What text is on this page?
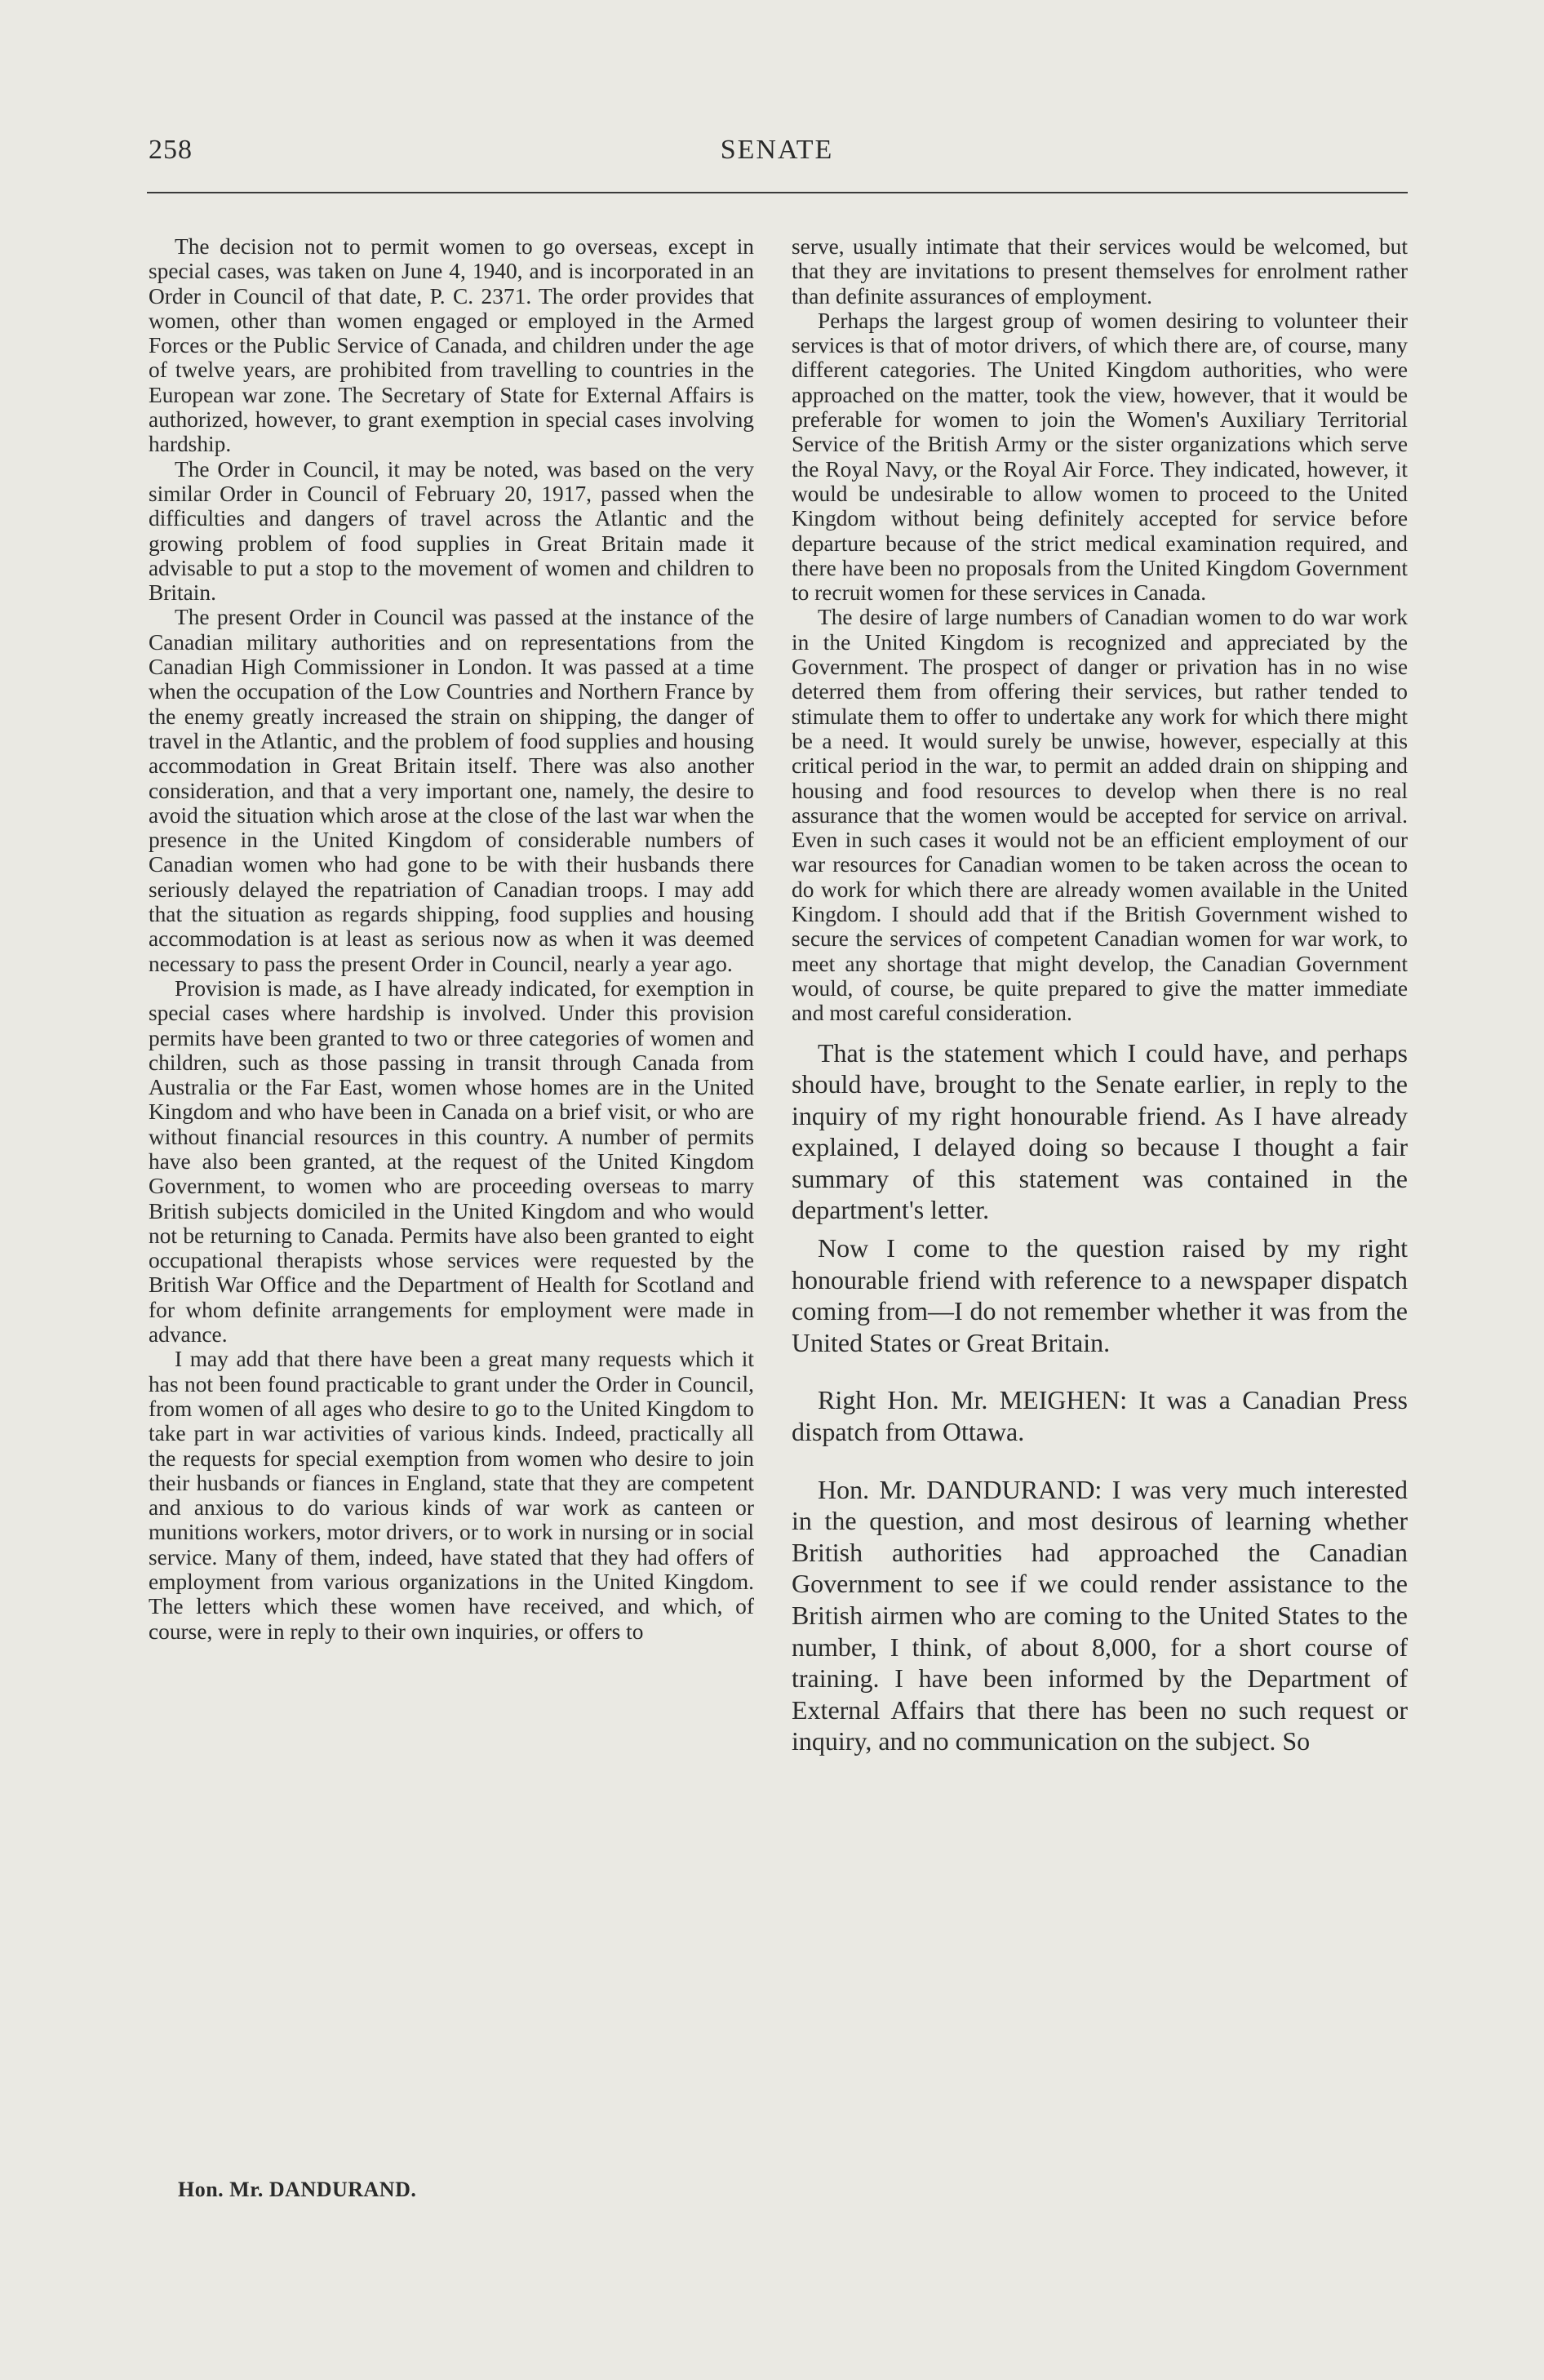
258	SENATE

The decision not to permit women to go overseas, except in special cases, was taken on June 4, 1940, and is incorporated in an Order in Council of that date, P. C. 2371. The order provides that women, other than women engaged or employed in the Armed Forces or the Public Service of Canada, and children under the age of twelve years, are prohibited from travelling to countries in the European war zone. The Secretary of State for External Affairs is authorized, however, to grant exemption in special cases involving hardship.

The Order in Council, it may be noted, was based on the very similar Order in Council of February 20, 1917, passed when the difficulties and dangers of travel across the Atlantic and the growing problem of food supplies in Great Britain made it advisable to put a stop to the movement of women and children to Britain.

The present Order in Council was passed at the instance of the Canadian military authorities and on representations from the Canadian High Commissioner in London. It was passed at a time when the occupation of the Low Countries and Northern France by the enemy greatly increased the strain on shipping, the danger of travel in the Atlantic, and the problem of food supplies and housing accommodation in Great Britain itself. There was also another consideration, and that a very important one, namely, the desire to avoid the situation which arose at the close of the last war when the presence in the United Kingdom of considerable numbers of Canadian women who had gone to be with their husbands there seriously delayed the repatriation of Canadian troops. I may add that the situation as regards shipping, food supplies and housing accommodation is at least as serious now as when it was deemed necessary to pass the present Order in Council, nearly a year ago.

Provision is made, as I have already indicated, for exemption in special cases where hardship is involved. Under this provision permits have been granted to two or three categories of women and children, such as those passing in transit through Canada from Australia or the Far East, women whose homes are in the United Kingdom and who have been in Canada on a brief visit, or who are without financial resources in this country. A number of permits have also been granted, at the request of the United Kingdom Government, to women who are proceeding overseas to marry British subjects domiciled in the United Kingdom and who would not be returning to Canada. Permits have also been granted to eight occupational therapists whose services were requested by the British War Office and the Department of Health for Scotland and for whom definite arrangements for employment were made in advance.

I may add that there have been a great many requests which it has not been found practicable to grant under the Order in Council, from women of all ages who desire to go to the United Kingdom to take part in war activities of various kinds. Indeed, practically all the requests for special exemption from women who desire to join their husbands or fiances in England, state that they are competent and anxious to do various kinds of war work as canteen or munitions workers, motor drivers, or to work in nursing or in social service. Many of them, indeed, have stated that they had offers of employment from various organizations in the United Kingdom. The letters which these women have received, and which, of course, were in reply to their own inquiries, or offers to

serve, usually intimate that their services would be welcomed, but that they are invitations to present themselves for enrolment rather than definite assurances of employment.

Perhaps the largest group of women desiring to volunteer their services is that of motor drivers, of which there are, of course, many different categories. The United Kingdom authorities, who were approached on the matter, took the view, however, that it would be preferable for women to join the Women's Auxiliary Territorial Service of the British Army or the sister organizations which serve the Royal Navy, or the Royal Air Force. They indicated, however, it would be undesirable to allow women to proceed to the United Kingdom without being definitely accepted for service before departure because of the strict medical examination required, and there have been no proposals from the United Kingdom Government to recruit women for these services in Canada.

The desire of large numbers of Canadian women to do war work in the United Kingdom is recognized and appreciated by the Government. The prospect of danger or privation has in no wise deterred them from offering their services, but rather tended to stimulate them to offer to undertake any work for which there might be a need. It would surely be unwise, however, especially at this critical period in the war, to permit an added drain on shipping and housing and food resources to develop when there is no real assurance that the women would be accepted for service on arrival. Even in such cases it would not be an efficient employment of our war resources for Canadian women to be taken across the ocean to do work for which there are already women available in the United Kingdom. I should add that if the British Government wished to secure the services of competent Canadian women for war work, to meet any shortage that might develop, the Canadian Government would, of course, be quite prepared to give the matter immediate and most careful consideration.

That is the statement which I could have, and perhaps should have, brought to the Senate earlier, in reply to the inquiry of my right honourable friend. As I have already explained, I delayed doing so because I thought a fair summary of this statement was contained in the department's letter.

Now I come to the question raised by my right honourable friend with reference to a newspaper dispatch coming from—I do not remember whether it was from the United States or Great Britain.

Right Hon. Mr. MEIGHEN: It was a Canadian Press dispatch from Ottawa.

Hon. Mr. DANDURAND: I was very much interested in the question, and most desirous of learning whether British authorities had approached the Canadian Government to see if we could render assistance to the British airmen who are coming to the United States to the number, I think, of about 8,000, for a short course of training. I have been informed by the Department of External Affairs that there has been no such request or inquiry, and no communication on the subject. So

Hon. Mr. DANDURAND.
